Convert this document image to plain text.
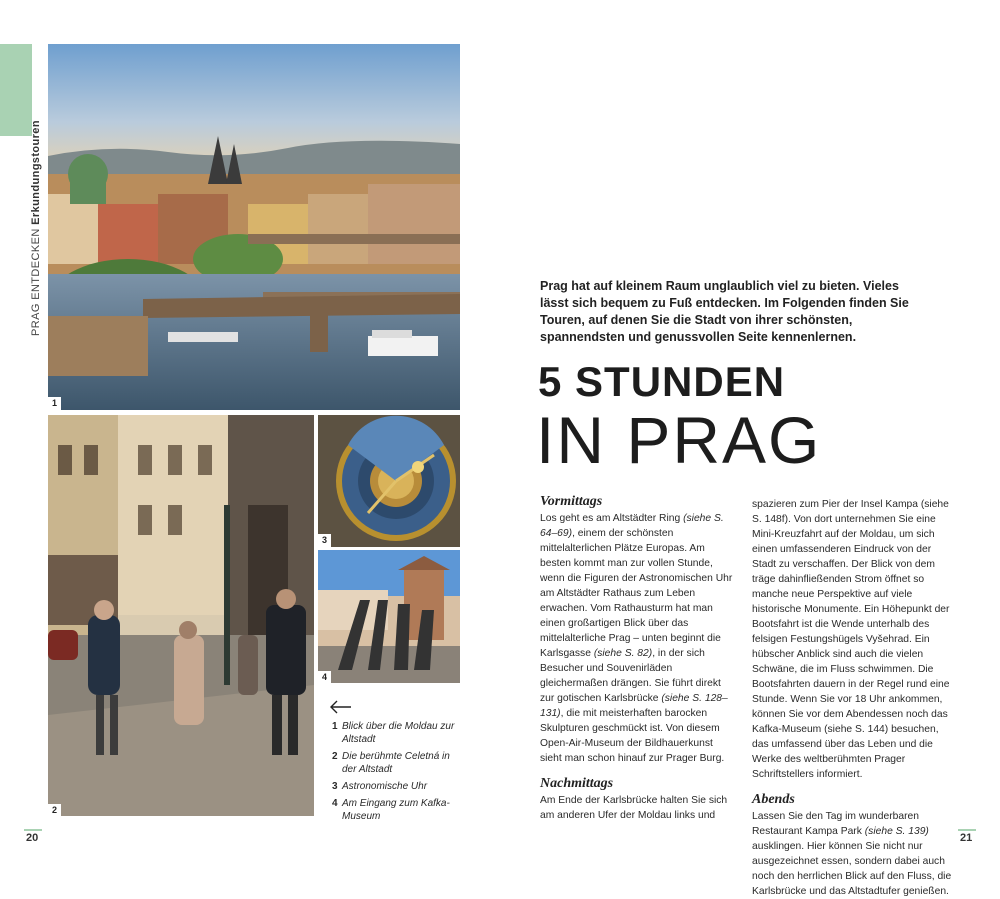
PRAG ENTDECKEN Erkundungstouren
1
2
3
4
1 Blick über die Moldau zur Altstadt
2 Die berühmte Celetná in der Altstadt
3 Astronomische Uhr
4 Am Eingang zum Kafka-Museum
Prag hat auf kleinem Raum unglaublich viel zu bieten. Vieles lässt sich bequem zu Fuß entdecken. Im Folgenden finden Sie Touren, auf denen Sie die Stadt von ihrer schönsten, spannendsten und genussvollen Seite kennenlernen.
5 STUNDEN
IN PRAG
Vormittags

Los geht es am Altstädter Ring (siehe S. 64–69), einem der schönsten mittelalterlichen Plätze Europas. Am besten kommt man zur vollen Stunde, wenn die Figuren der Astronomischen Uhr am Altstädter Rathaus zum Leben erwachen. Vom Rathausturm hat man einen großartigen Blick über das mittelalterliche Prag – unten beginnt die Karlsgasse (siehe S. 82), in der sich Besucher und Souvenirläden gleichermaßen drängen. Sie führt direkt zur gotischen Karlsbrücke (siehe S. 128–131), die mit meisterhaften barocken Skulpturen geschmückt ist. Von diesem Open-Air-Museum der Bildhauerkunst sieht man schon hinauf zur Prager Burg.

Nachmittags

Am Ende der Karlsbrücke halten Sie sich am anderen Ufer der Moldau links und

spazieren zum Pier der Insel Kampa (siehe S. 148f). Von dort unternehmen Sie eine Mini-Kreuzfahrt auf der Moldau, um sich einen umfassenderen Eindruck von der Stadt zu verschaffen. Der Blick von dem träge dahinfließenden Strom öffnet so manche neue Perspektive auf viele historische Monumente. Ein Höhepunkt der Bootsfahrt ist die Wende unterhalb des felsigen Festungshügels Vyšehrad. Ein hübscher Anblick sind auch die vielen Schwäne, die im Fluss schwimmen. Die Bootsfahrten dauern in der Regel rund eine Stunde. Wenn Sie vor 18 Uhr ankommen, können Sie vor dem Abendessen noch das Kafka-Museum (siehe S. 144) besuchen, das umfassend über das Leben und die Werke des weltberühmten Prager Schriftstellers informiert.

Abends

Lassen Sie den Tag im wunderbaren Restaurant Kampa Park (siehe S. 139) ausklingen. Hier können Sie nicht nur ausgezeichnet essen, sondern dabei auch noch den herrlichen Blick auf den Fluss, die Karlsbrücke und das Altstadtufer genießen.

20	21
